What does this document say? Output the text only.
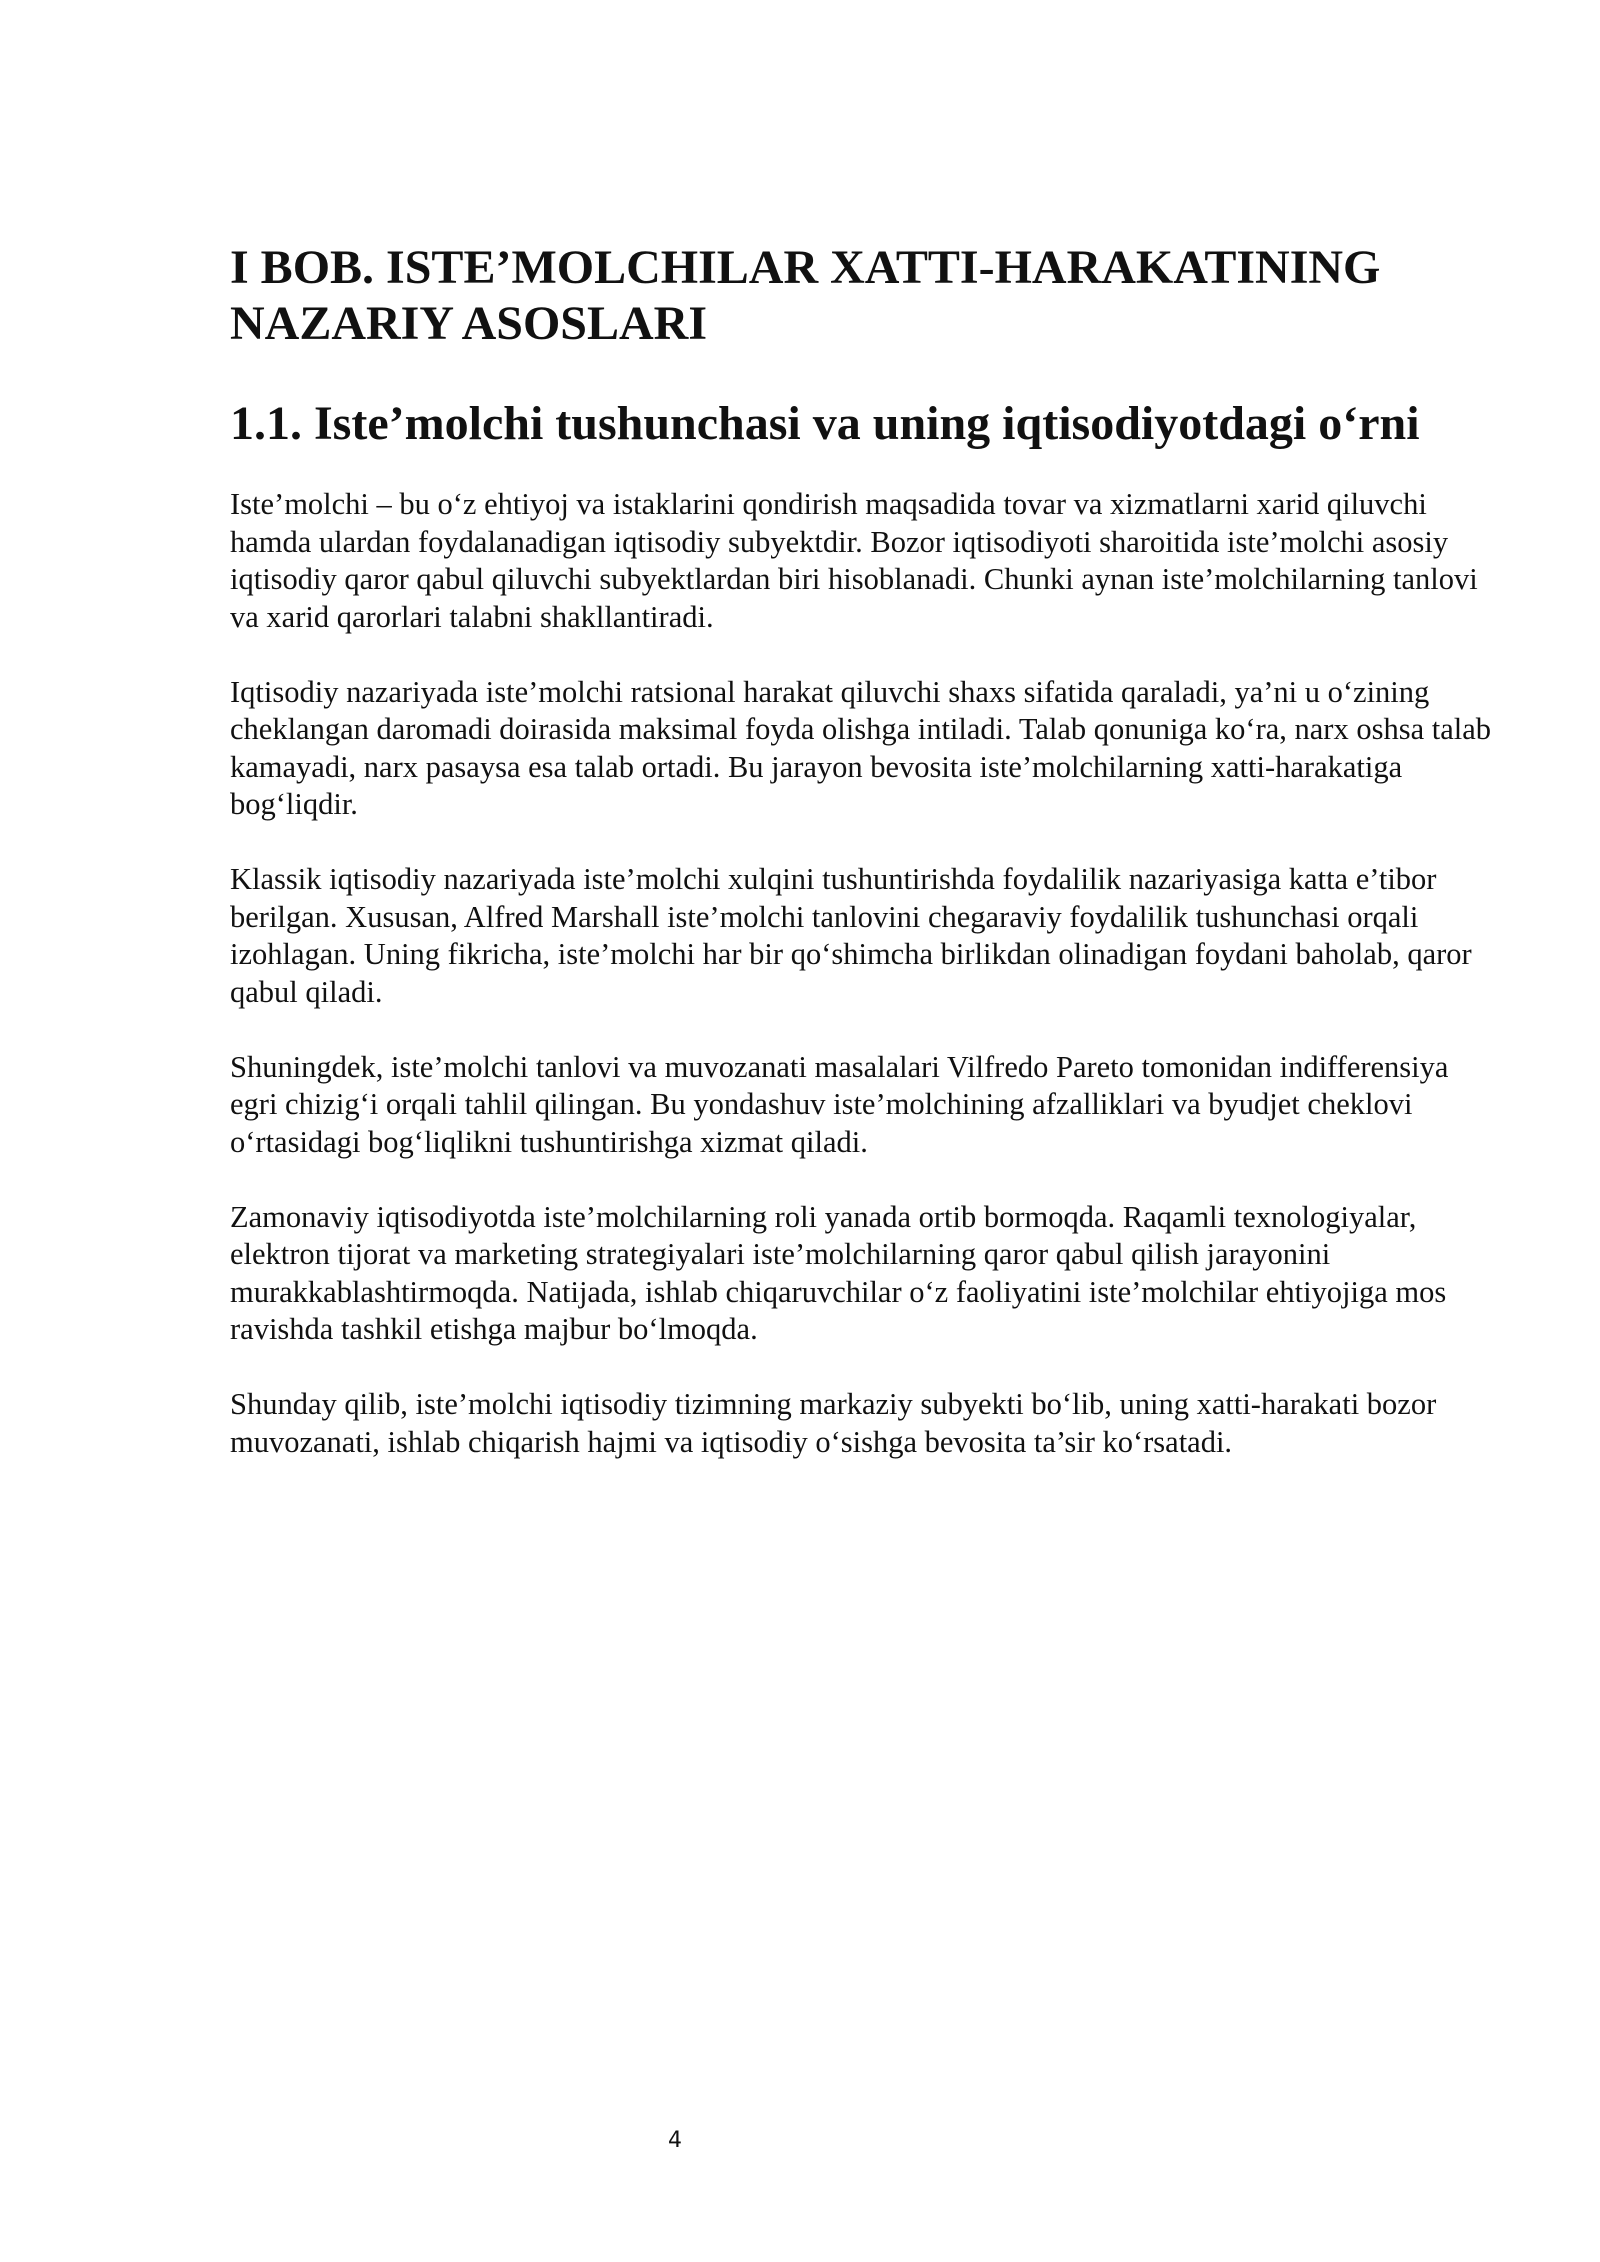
I BOB. ISTE’MOLCHILAR XATTI-HARAKATINING NAZARIY ASOSLARI
1.1. Iste’molchi tushunchasi va uning iqtisodiyotdagi o‘rni

Iste’molchi – bu o‘z ehtiyoj va istaklarini qondirish maqsadida tovar va xizmatlarni xarid qiluvchi hamda ulardan foydalanadigan iqtisodiy subyektdir. Bozor iqtisodiyoti sharoitida iste’molchi asosiy iqtisodiy qaror qabul qiluvchi subyektlardan biri hisoblanadi. Chunki aynan iste’molchilarning tanlovi va xarid qarorlari talabni shakllantiradi.

Iqtisodiy nazariyada iste’molchi ratsional harakat qiluvchi shaxs sifatida qaraladi, ya’ni u o‘zining cheklangan daromadi doirasida maksimal foyda olishga intiladi. Talab qonuniga ko‘ra, narx oshsa talab kamayadi, narx pasaysa esa talab ortadi. Bu jarayon bevosita iste’molchilarning xatti-harakatiga bog‘liqdir.

Klassik iqtisodiy nazariyada iste’molchi xulqini tushuntirishda foydalilik nazariyasiga katta e’tibor berilgan. Xususan, Alfred Marshall iste’molchi tanlovini chegaraviy foydalilik tushunchasi orqali izohlagan. Uning fikricha, iste’molchi har bir qo‘shimcha birlikdan olinadigan foydani baholab, qaror qabul qiladi.

Shuningdek, iste’molchi tanlovi va muvozanati masalalari Vilfredo Pareto tomonidan indifferensiya egri chizig‘i orqali tahlil qilingan. Bu yondashuv iste’molchining afzalliklari va byudjet cheklovi o‘rtasidagi bog‘liqlikni tushuntirishga xizmat qiladi.

Zamonaviy iqtisodiyotda iste’molchilarning roli yanada ortib bormoqda. Raqamli texnologiyalar, elektron tijorat va marketing strategiyalari iste’molchilarning qaror qabul qilish jarayonini murakkablashtirmoqda. Natijada, ishlab chiqaruvchilar o‘z faoliyatini iste’molchilar ehtiyojiga mos ravishda tashkil etishga majbur bo‘lmoqda.

Shunday qilib, iste’molchi iqtisodiy tizimning markaziy subyekti bo‘lib, uning xatti-harakati bozor muvozanati, ishlab chiqarish hajmi va iqtisodiy o‘sishga bevosita ta’sir ko‘rsatadi.

4
